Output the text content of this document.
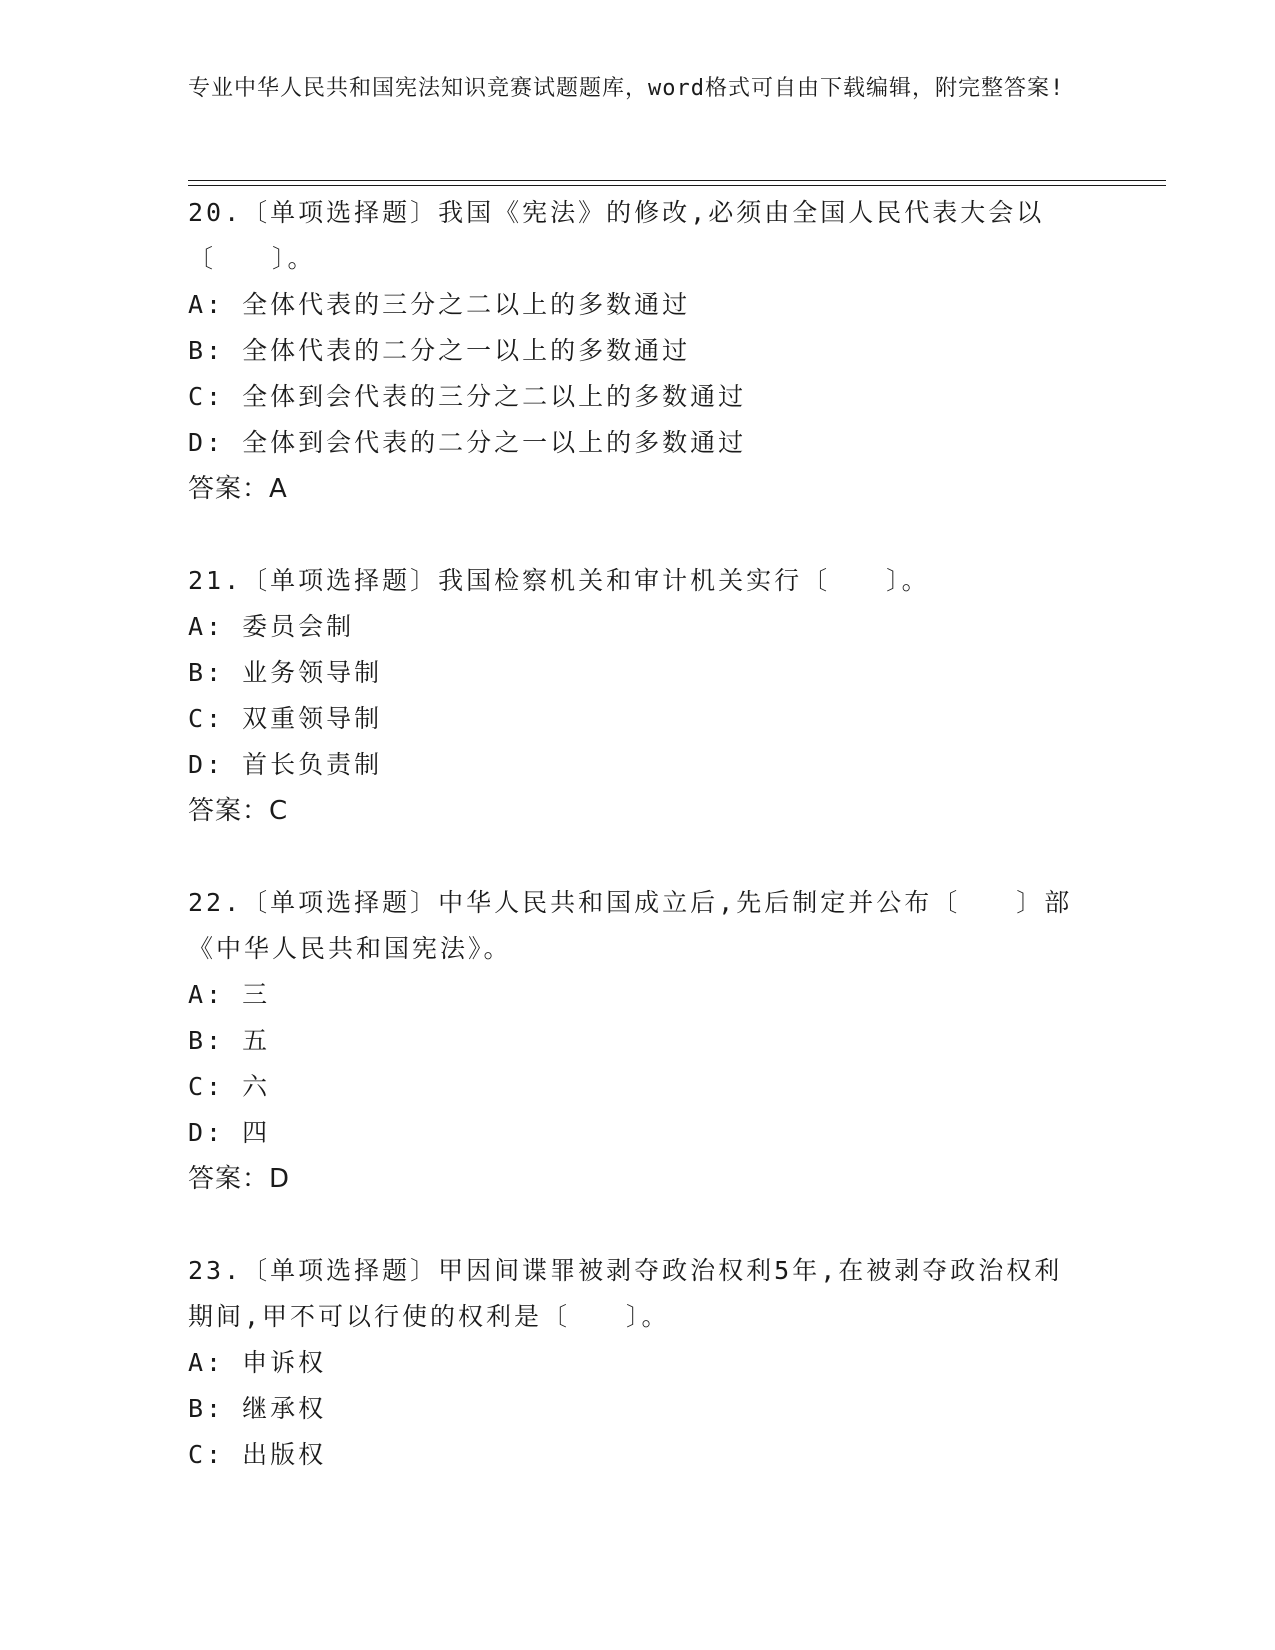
专业中华人民共和国宪法知识竞赛试题题库，word格式可自由下载编辑，附完整答案!

20.〔单项选择题〕我国《宪法》的修改,必须由全国人民代表大会以〔　　〕。

A: 全体代表的三分之二以上的多数通过
B: 全体代表的二分之一以上的多数通过
C: 全体到会代表的三分之二以上的多数通过
D: 全体到会代表的二分之一以上的多数通过
答案：A

21.〔单项选择题〕我国检察机关和审计机关实行〔　　〕。

A: 委员会制
B: 业务领导制
C: 双重领导制
D: 首长负责制
答案：C

22.〔单项选择题〕中华人民共和国成立后,先后制定并公布〔　　〕部《中华人民共和国宪法》。

A: 三
B: 五
C: 六
D: 四
答案：D

23.〔单项选择题〕甲因间谍罪被剥夺政治权利5年,在被剥夺政治权利期间,甲不可以行使的权利是〔　　〕。

A: 申诉权
B: 继承权
C: 出版权
